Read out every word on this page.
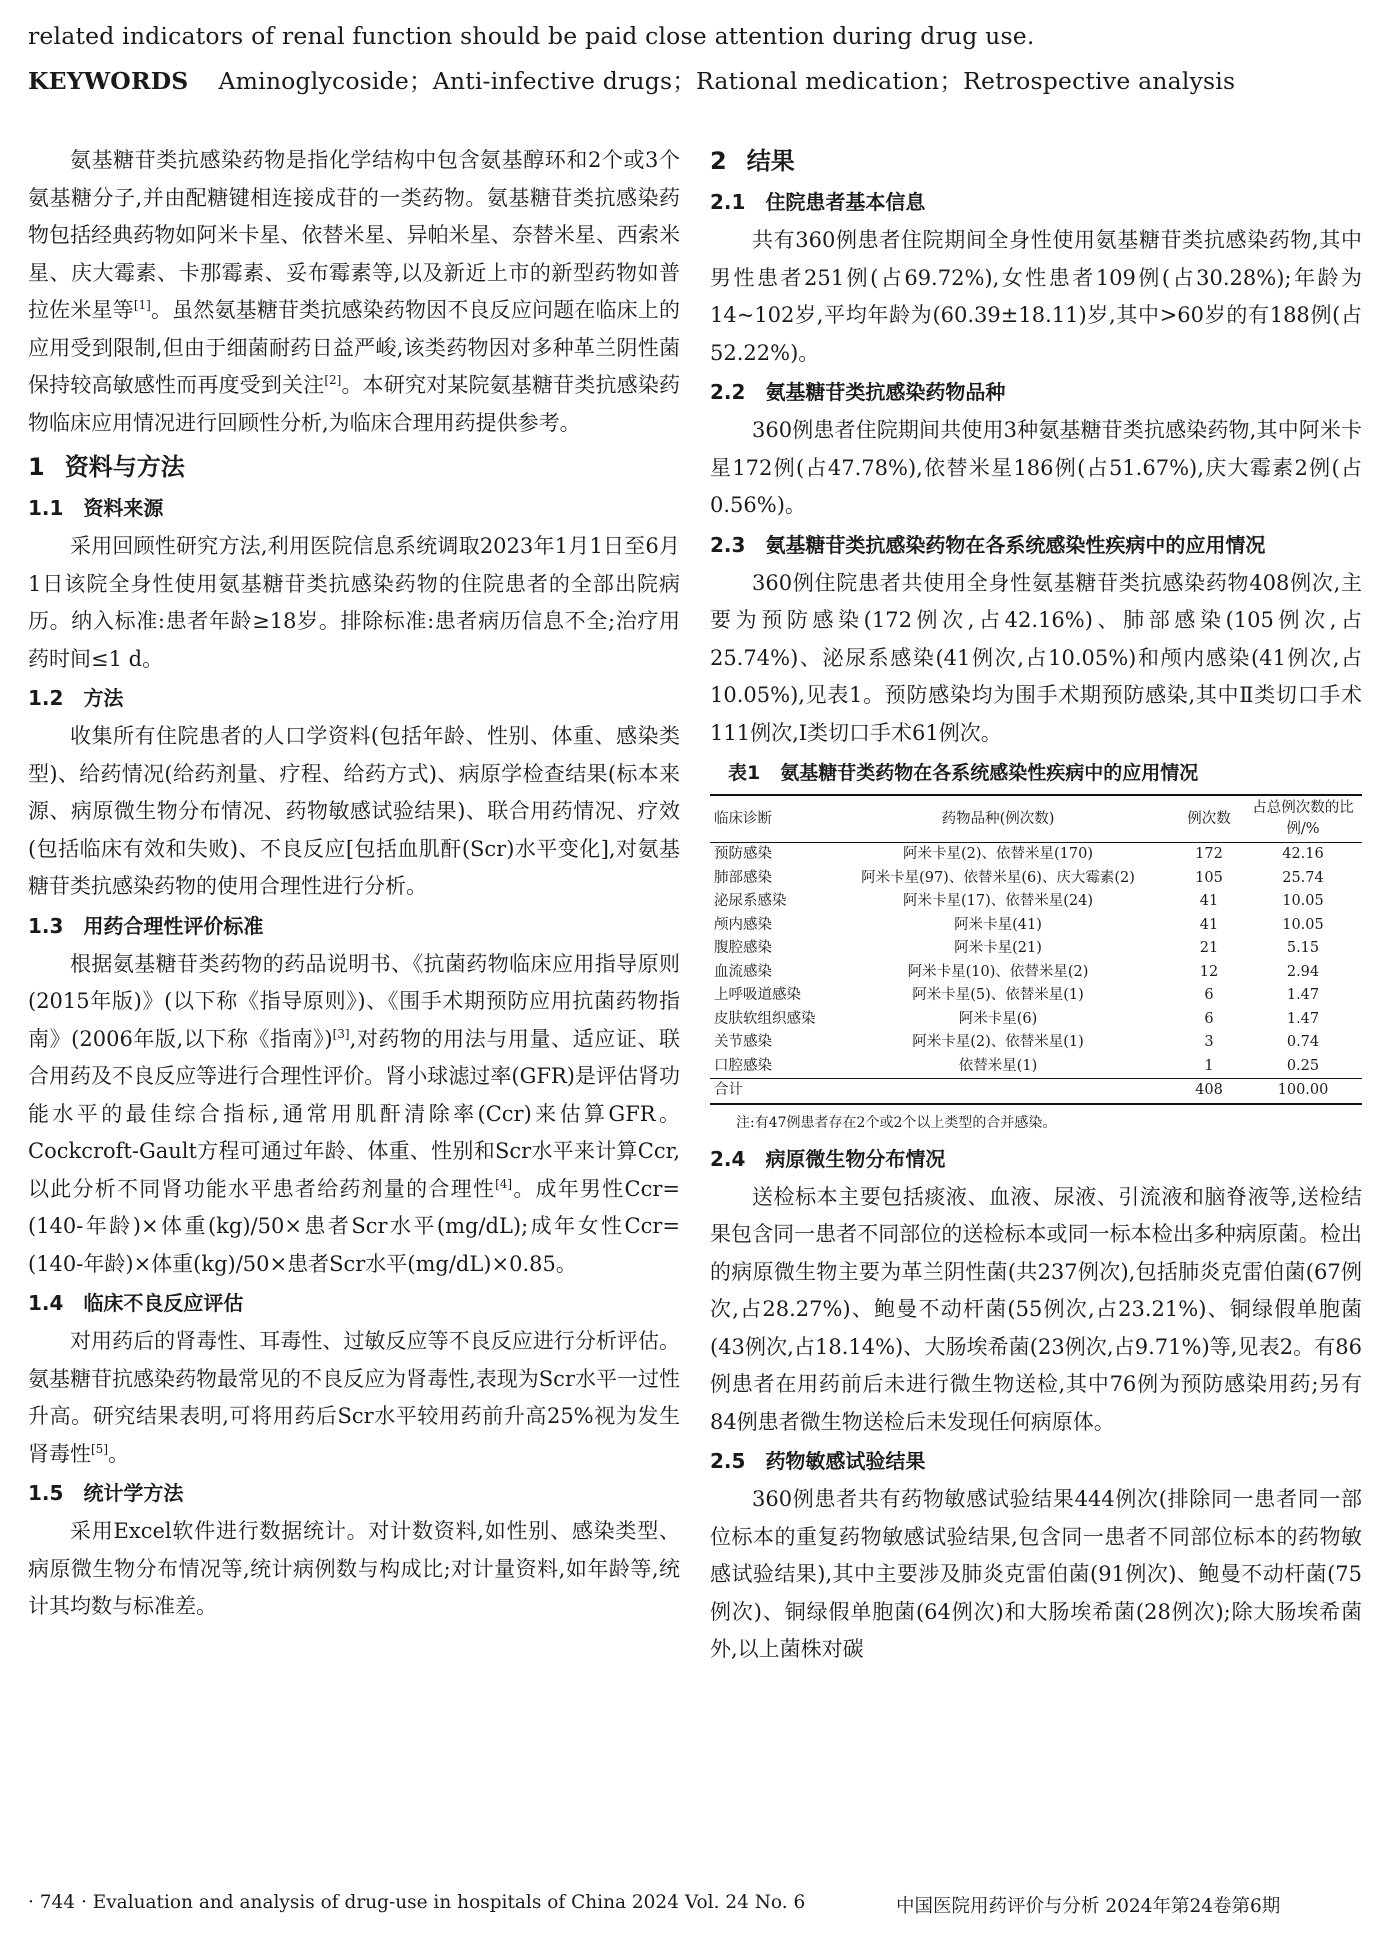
related indicators of renal function should be paid close attention during drug use.
KEYWORDS Aminoglycoside；Anti-infective drugs；Rational medication；Retrospective analysis

氨基糖苷类抗感染药物是指化学结构中包含氨基醇环和2个或3个氨基糖分子,并由配糖键相连接成苷的一类药物。氨基糖苷类抗感染药物包括经典药物如阿米卡星、依替米星、异帕米星、奈替米星、西索米星、庆大霉素、卡那霉素、妥布霉素等,以及新近上市的新型药物如普拉佐米星等[1]。虽然氨基糖苷类抗感染药物因不良反应问题在临床上的应用受到限制,但由于细菌耐药日益严峻,该类药物因对多种革兰阴性菌保持较高敏感性而再度受到关注[2]。本研究对某院氨基糖苷类抗感染药物临床应用情况进行回顾性分析,为临床合理用药提供参考。

1 资料与方法
1.1 资料来源

采用回顾性研究方法,利用医院信息系统调取2023年1月1日至6月1日该院全身性使用氨基糖苷类抗感染药物的住院患者的全部出院病历。纳入标准:患者年龄≥18岁。排除标准:患者病历信息不全;治疗用药时间≤1 d。

1.2 方法

收集所有住院患者的人口学资料(包括年龄、性别、体重、感染类型)、给药情况(给药剂量、疗程、给药方式)、病原学检查结果(标本来源、病原微生物分布情况、药物敏感试验结果)、联合用药情况、疗效(包括临床有效和失败)、不良反应[包括血肌酐(Scr)水平变化],对氨基糖苷类抗感染药物的使用合理性进行分析。

1.3 用药合理性评价标准

根据氨基糖苷类药物的药品说明书、《抗菌药物临床应用指导原则(2015年版)》(以下称《指导原则》)、《围手术期预防应用抗菌药物指南》(2006年版,以下称《指南》)[3],对药物的用法与用量、适应证、联合用药及不良反应等进行合理性评价。肾小球滤过率(GFR)是评估肾功能水平的最佳综合指标,通常用肌酐清除率(Ccr)来估算GFR。Cockcroft-Gault方程可通过年龄、体重、性别和Scr水平来计算Ccr,以此分析不同肾功能水平患者给药剂量的合理性[4]。成年男性Ccr=(140-年龄)×体重(kg)/50×患者Scr水平(mg/dL);成年女性Ccr=(140-年龄)×体重(kg)/50×患者Scr水平(mg/dL)×0.85。

1.4 临床不良反应评估

对用药后的肾毒性、耳毒性、过敏反应等不良反应进行分析评估。氨基糖苷抗感染药物最常见的不良反应为肾毒性,表现为Scr水平一过性升高。研究结果表明,可将用药后Scr水平较用药前升高25%视为发生肾毒性[5]。

1.5 统计学方法

采用Excel软件进行数据统计。对计数资料,如性别、感染类型、病原微生物分布情况等,统计病例数与构成比;对计量资料,如年龄等,统计其均数与标准差。

2 结果
2.1 住院患者基本信息

共有360例患者住院期间全身性使用氨基糖苷类抗感染药物,其中男性患者251例(占69.72%),女性患者109例(占30.28%);年龄为14~102岁,平均年龄为(60.39±18.11)岁,其中>60岁的有188例(占52.22%)。

2.2 氨基糖苷类抗感染药物品种

360例患者住院期间共使用3种氨基糖苷类抗感染药物,其中阿米卡星172例(占47.78%),依替米星186例(占51.67%),庆大霉素2例(占0.56%)。

2.3 氨基糖苷类抗感染药物在各系统感染性疾病中的应用情况

360例住院患者共使用全身性氨基糖苷类抗感染药物408例次,主要为预防感染(172例次,占42.16%)、肺部感染(105例次,占25.74%)、泌尿系感染(41例次,占10.05%)和颅内感染(41例次,占10.05%),见表1。预防感染均为围手术期预防感染,其中Ⅱ类切口手术111例次,Ⅰ类切口手术61例次。

表1 氨基糖苷类药物在各系统感染性疾病中的应用情况
临床诊断	药物品种(例次数)	例次数	占总例次数的比例/%
预防感染	阿米卡星(2)、依替米星(170)	172	42.16
肺部感染	阿米卡星(97)、依替米星(6)、庆大霉素(2)	105	25.74
泌尿系感染	阿米卡星(17)、依替米星(24)	41	10.05
颅内感染	阿米卡星(41)	41	10.05
腹腔感染	阿米卡星(21)	21	5.15
血流感染	阿米卡星(10)、依替米星(2)	12	2.94
上呼吸道感染	阿米卡星(5)、依替米星(1)	6	1.47
皮肤软组织感染	阿米卡星(6)	6	1.47
关节感染	阿米卡星(2)、依替米星(1)	3	0.74
口腔感染	依替米星(1)	1	0.25
合计		408	100.00
注:有47例患者存在2个或2个以上类型的合并感染。
2.4 病原微生物分布情况

送检标本主要包括痰液、血液、尿液、引流液和脑脊液等,送检结果包含同一患者不同部位的送检标本或同一标本检出多种病原菌。检出的病原微生物主要为革兰阴性菌(共237例次),包括肺炎克雷伯菌(67例次,占28.27%)、鲍曼不动杆菌(55例次,占23.21%)、铜绿假单胞菌(43例次,占18.14%)、大肠埃希菌(23例次,占9.71%)等,见表2。有86例患者在用药前后未进行微生物送检,其中76例为预防感染用药;另有84例患者微生物送检后未发现任何病原体。

2.5 药物敏感试验结果

360例患者共有药物敏感试验结果444例次(排除同一患者同一部位标本的重复药物敏感试验结果,包含同一患者不同部位标本的药物敏感试验结果),其中主要涉及肺炎克雷伯菌(91例次)、鲍曼不动杆菌(75例次)、铜绿假单胞菌(64例次)和大肠埃希菌(28例次);除大肠埃希菌外,以上菌株对碳

· 744 · Evaluation and analysis of drug-use in hospitals of China 2024 Vol. 24 No. 6	中国医院用药评价与分析 2024年第24卷第6期
